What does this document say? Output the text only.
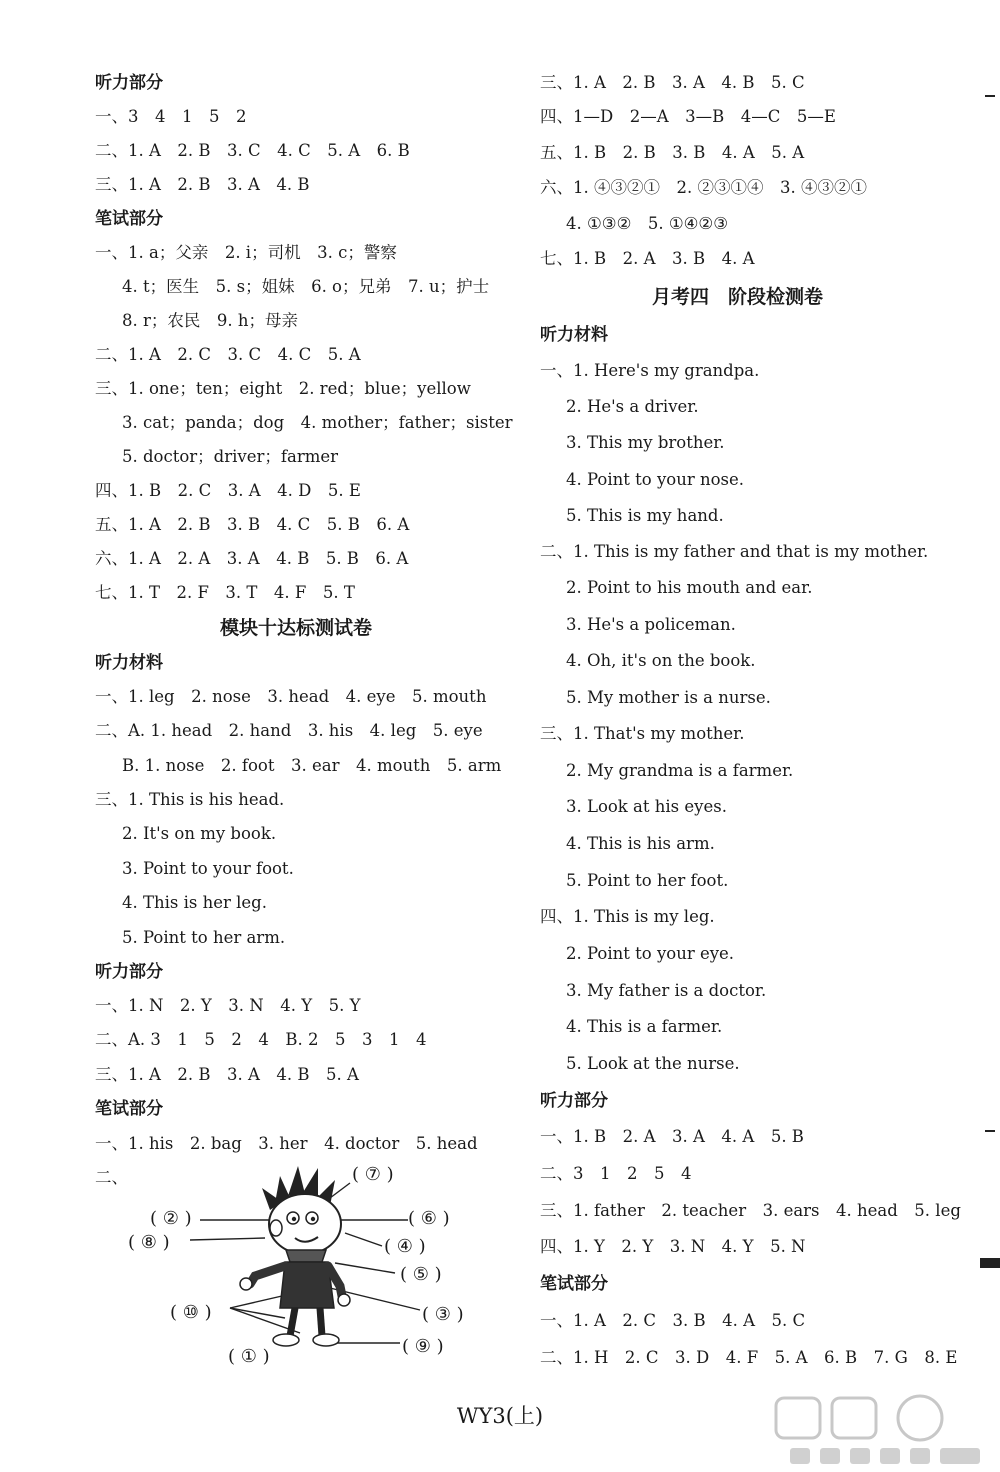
听力部分
一、3　4　1　5　2
二、1. A　2. B　3. C　4. C　5. A　6. B
三、1. A　2. B　3. A　4. B
笔试部分
一、1. a；父亲　2. i；司机　3. c；警察
4. t；医生　5. s；姐妹　6. o；兄弟　7. u；护士
8. r；农民　9. h；母亲
二、1. A　2. C　3. C　4. C　5. A
三、1. one；ten；eight　2. red；blue；yellow
3. cat；panda；dog　4. mother；father；sister
5. doctor；driver；farmer
四、1. B　2. C　3. A　4. D　5. E
五、1. A　2. B　3. B　4. C　5. B　6. A
六、1. A　2. A　3. A　4. B　5. B　6. A
七、1. T　2. F　3. T　4. F　5. T
模块十达标测试卷
听力材料
一、1. leg　2. nose　3. head　4. eye　5. mouth
二、A. 1. head　2. hand　3. his　4. leg　5. eye
B. 1. nose　2. foot　3. ear　4. mouth　5. arm
三、1. This is his head.
2. It's on my book.
3. Point to your foot.
4. This is her leg.
5. Point to her arm.
听力部分
一、1. N　2. Y　3. N　4. Y　5. Y
二、A. 3　1　5　2　4　B. 2　5　3　1　4
三、1. A　2. B　3. A　4. B　5. A
笔试部分
一、1. his　2. bag　3. her　4. doctor　5. head
二、	( ⑦ )
( ② )	( ⑥ )
( ⑧ )	( ④ )
( ⑤ )
( ⑩ )	( ③ )
( ⑨ )
( ① )
三、1. A　2. B　3. A　4. B　5. C
四、1—D　2—A　3—B　4—C　5—E
五、1. B　2. B　3. B　4. A　5. A
六、1. ④③②①　2. ②③①④　3. ④③②①
4. ①③②　5. ①④②③
七、1. B　2. A　3. B　4. A
月考四　阶段检测卷
听力材料
一、1. Here's my grandpa.
2. He's a driver.
3. This my brother.
4. Point to your nose.
5. This is my hand.
二、1. This is my father and that is my mother.
2. Point to his mouth and ear.
3. He's a policeman.
4. Oh, it's on the book.
5. My mother is a nurse.
三、1. That's my mother.
2. My grandma is a farmer.
3. Look at his eyes.
4. This is his arm.
5. Point to her foot.
四、1. This is my leg.
2. Point to your eye.
3. My father is a doctor.
4. This is a farmer.
5. Look at the nurse.
听力部分
一、1. B　2. A　3. A　4. A　5. B
二、3　1　2　5　4
三、1. father　2. teacher　3. ears　4. head　5. leg
四、1. Y　2. Y　3. N　4. Y　5. N
笔试部分
一、1. A　2. C　3. B　4. A　5. C
二、1. H　2. C　3. D　4. F　5. A　6. B　7. G　8. E
WY3(上)
